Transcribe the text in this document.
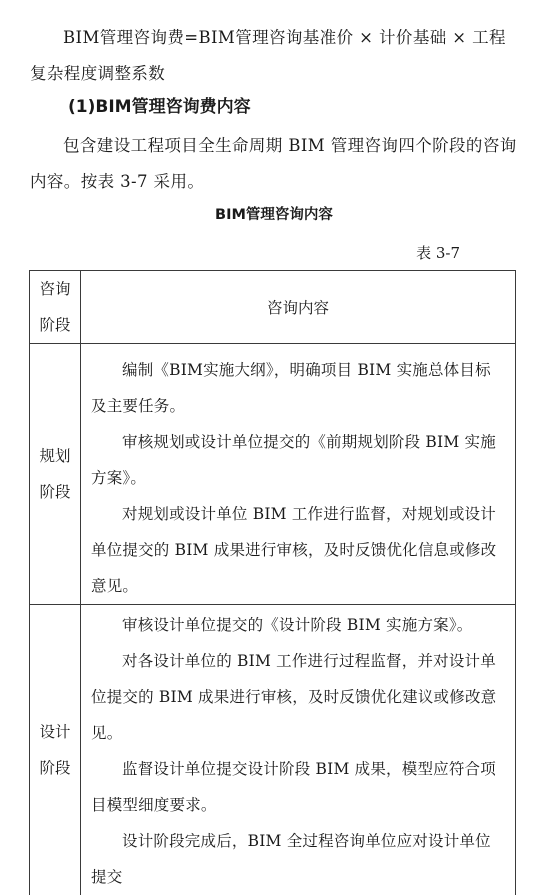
BIM管理咨询费=BIM管理咨询基准价 × 计价基础 × 工程复杂程度调整系数

(1)BIM管理咨询费内容

包含建设工程项目全生命周期 BIM 管理咨询四个阶段的咨询内容。按表 3-7 采用。

BIM管理咨询内容

表 3-7

咨询阶段	咨询内容
规划阶段	编制《BIM实施大纲》，明确项目 BIM 实施总体目标及主要任务。

审核规划或设计单位提交的《前期规划阶段 BIM 实施方案》。

对规划或设计单位 BIM 工作进行监督，对规划或设计单位提交的 BIM 成果进行审核，及时反馈优化信息或修改意见。

设计阶段	审核设计单位提交的《设计阶段 BIM 实施方案》。

对各设计单位的 BIM 工作进行过程监督，并对设计单位提交的 BIM 成果进行审核，及时反馈优化建议或修改意见。

监督设计单位提交设计阶段 BIM 成果，模型应符合项目模型细度要求。

设计阶段完成后，BIM 全过程咨询单位应对设计单位提交
